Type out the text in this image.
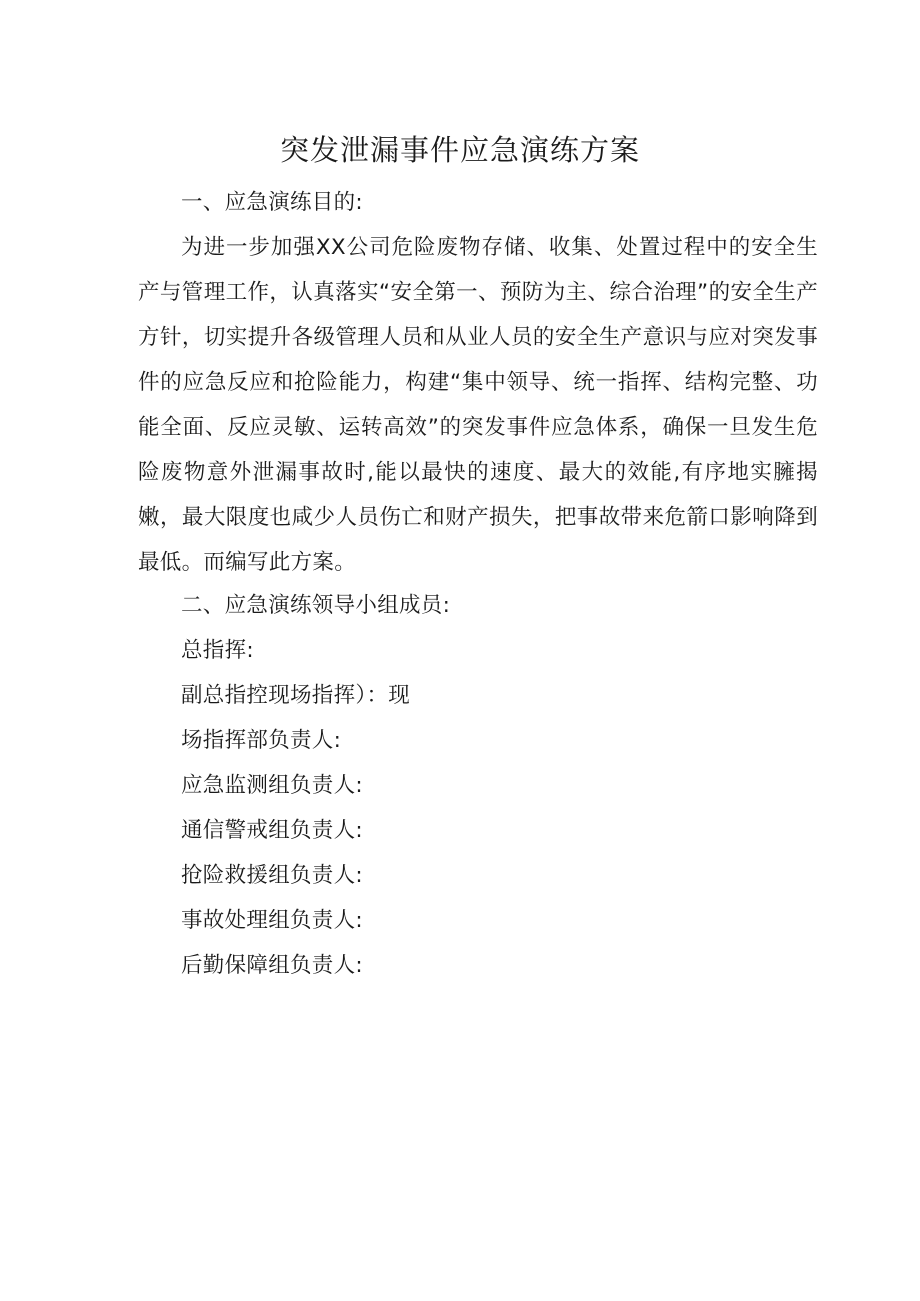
突发泄漏事件应急演练方案
一、应急演练目的:

为进一步加强XX公司危险废物存储、收集、处置过程中的安全生产与管理工作，认真落实“安全第一、预防为主、综合治理”的安全生产方针，切实提升各级管理人员和从业人员的安全生产意识与应对突发事件的应急反应和抢险能力，构建“集中领导、统一指挥、结构完整、功能全面、反应灵敏、运转高效”的突发事件应急体系，确保一旦发生危险废物意外泄漏事故时,能以最快的速度、最大的效能,有序地实臃揭嫩，最大限度也咸少人员伤亡和财产损失，把事故带来危箭口影响降到最低。而编写此方案。

二、应急演练领导小组成员:
总指挥:
副总指控现场指挥）：现
场指挥部负责人:
应急监测组负责人:
通信警戒组负责人:
抢险救援组负责人:
事故处理组负责人:
后勤保障组负责人:
